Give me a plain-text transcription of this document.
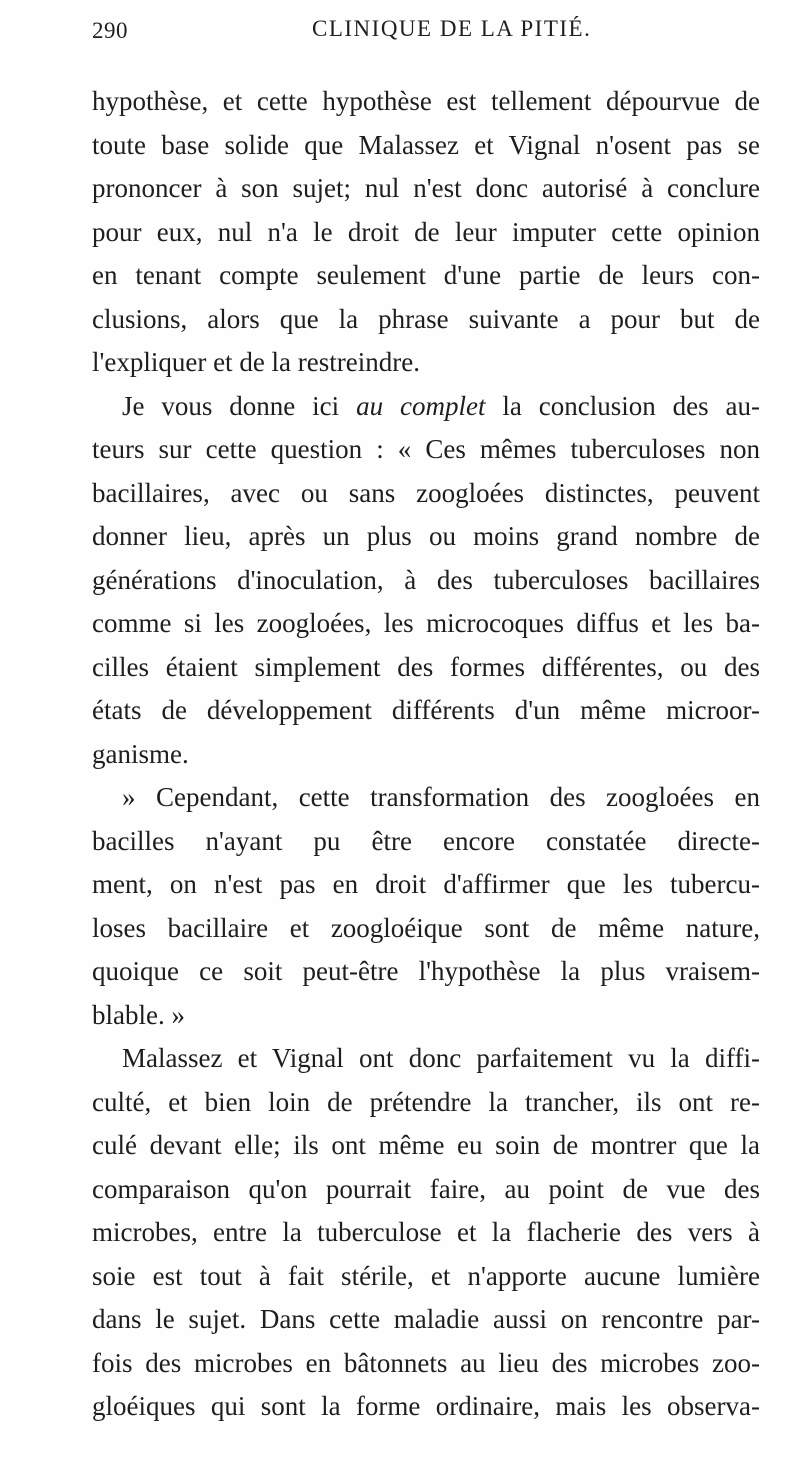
290	CLINIQUE DE LA PITIÉ.
hypothèse, et cette hypothèse est tellement dépourvue de
toute base solide que Malassez et Vignal n'osent pas se
prononcer à son sujet; nul n'est donc autorisé à conclure
pour eux, nul n'a le droit de leur imputer cette opinion
en tenant compte seulement d'une partie de leurs con-
clusions, alors que la phrase suivante a pour but de
l'expliquer et de la restreindre.
Je vous donne ici au complet la conclusion des au-
teurs sur cette question : « Ces mêmes tuberculoses non
bacillaires, avec ou sans zoogloées distinctes, peuvent
donner lieu, après un plus ou moins grand nombre de
générations d'inoculation, à des tuberculoses bacillaires
comme si les zoogloées, les microcoques diffus et les ba-
cilles étaient simplement des formes différentes, ou des
états de développement différents d'un même microor-
ganisme.
» Cependant, cette transformation des zoogloées en
bacilles n'ayant pu être encore constatée directe-
ment, on n'est pas en droit d'affirmer que les tubercu-
loses bacillaire et zoogloéique sont de même nature,
quoique ce soit peut-être l'hypothèse la plus vraisem-
blable. »
Malassez et Vignal ont donc parfaitement vu la diffi-
culté, et bien loin de prétendre la trancher, ils ont re-
culé devant elle; ils ont même eu soin de montrer que la
comparaison qu'on pourrait faire, au point de vue des
microbes, entre la tuberculose et la flacherie des vers à
soie est tout à fait stérile, et n'apporte aucune lumière
dans le sujet. Dans cette maladie aussi on rencontre par-
fois des microbes en bâtonnets au lieu des microbes zoo-
gloéiques qui sont la forme ordinaire, mais les observa-
